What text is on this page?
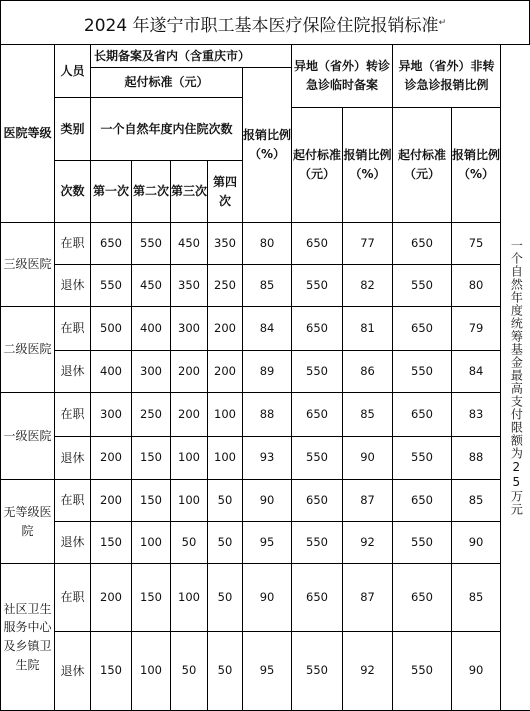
2024 年遂宁市职工基本医疗保险住院报销标准 ↵
医院等级	人员	长期备案及省内（含重庆市）					异地（省外）转诊急诊临时备案		异地（省外）非转诊急诊报销比例		一个自然年度统筹基金最高支付限额为25万元

		起付标准（元）				报销比例（%）					
	类别	一个自然年度内住院次数									
							起付标准（元）	报销比例（%）	起付标准（元）	报销比例（%）	
	次数	第一次	第二次	第三次	第四次						
三级医院	在职	650	550	450	350	80	650	77	650	75	
	退休	550	450	350	250	85	550	82	550	80	
二级医院	在职	500	400	300	200	84	650	81	650	79	
	退休	400	300	200	200	89	550	86	550	84	
一级医院	在职	300	250	200	100	88	650	85	650	83	
	退休	200	150	100	100	93	550	90	550	88	
无等级医院	在职	200	150	100	50	90	650	87	650	85	
	退休	150	100	50	50	95	550	92	550	90	
社区卫生服务中心及乡镇卫生院	在职	200	150	100	50	90	650	87	650	85	
	退休	150	100	50	50	95	550	92	550	90	
